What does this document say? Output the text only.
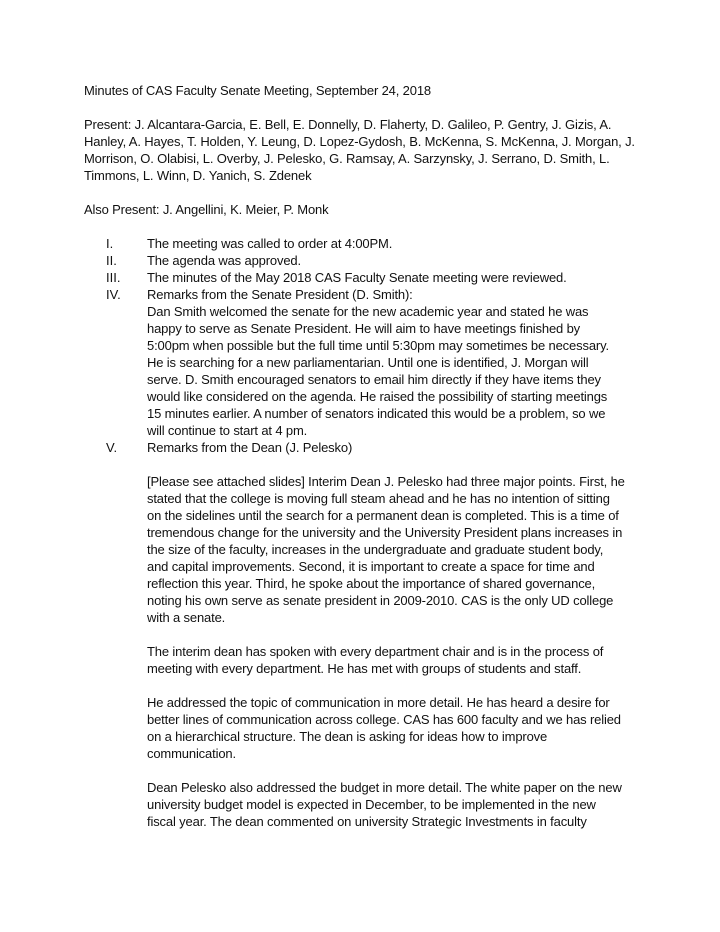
Minutes of CAS Faculty Senate Meeting, September 24, 2018

Present: J. Alcantara-Garcia, E. Bell, E. Donnelly, D. Flaherty, D. Galileo, P. Gentry, J. Gizis, A.

Hanley, A. Hayes, T. Holden, Y. Leung, D. Lopez-Gydosh, B. McKenna, S. McKenna, J. Morgan, J.

Morrison, O. Olabisi, L. Overby, J. Pelesko, G. Ramsay, A. Sarzynsky, J. Serrano, D. Smith, L.

Timmons, L. Winn, D. Yanich, S. Zdenek

Also Present: J. Angellini, K. Meier, P. Monk

I.	The meeting was called to order at 4:00PM.

II.	The agenda was approved.

III.	The minutes of the May 2018 CAS Faculty Senate meeting were reviewed.

IV.	Remarks from the Senate President (D. Smith):

Dan Smith welcomed the senate for the new academic year and stated he was

happy to serve as Senate President. He will aim to have meetings finished by

5:00pm when possible but the full time until 5:30pm may sometimes be necessary.

He is searching for a new parliamentarian. Until one is identified, J. Morgan will

serve. D. Smith encouraged senators to email him directly if they have items they

would like considered on the agenda. He raised the possibility of starting meetings

15 minutes earlier. A number of senators indicated this would be a problem, so we

will continue to start at 4 pm.

V.	Remarks from the Dean (J. Pelesko)

[Please see attached slides] Interim Dean J. Pelesko had three major points. First, he

stated that the college is moving full steam ahead and he has no intention of sitting

on the sidelines until the search for a permanent dean is completed. This is a time of

tremendous change for the university and the University President plans increases in

the size of the faculty, increases in the undergraduate and graduate student body,

and capital improvements. Second, it is important to create a space for time and

reflection this year. Third, he spoke about the importance of shared governance,

noting his own serve as senate president in 2009-2010. CAS is the only UD college

with a senate.

The interim dean has spoken with every department chair and is in the process of

meeting with every department. He has met with groups of students and staff.

He addressed the topic of communication in more detail. He has heard a desire for

better lines of communication across college. CAS has 600 faculty and we has relied

on a hierarchical structure. The dean is asking for ideas how to improve

communication.

Dean Pelesko also addressed the budget in more detail. The white paper on the new

university budget model is expected in December, to be implemented in the new

fiscal year. The dean commented on university Strategic Investments in faculty
